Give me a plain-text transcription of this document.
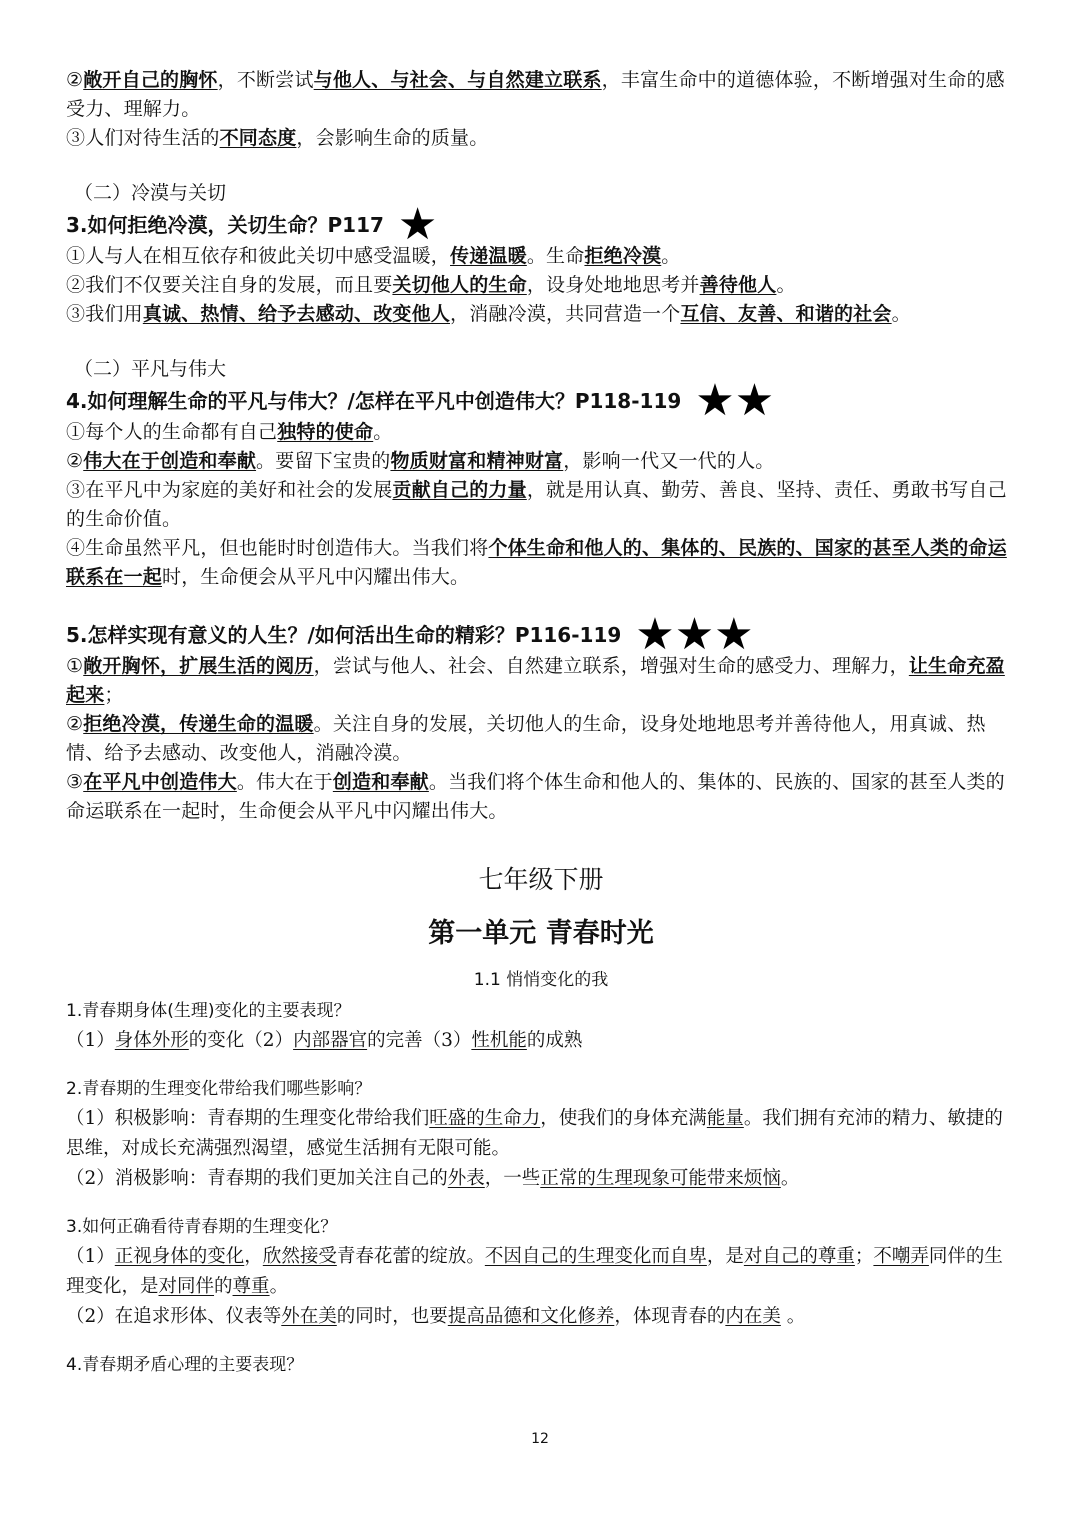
②敞开自己的胸怀，不断尝试与他人、与社会、与自然建立联系，丰富生命中的道德体验，不断增强对生命的感受力、理解力。

③人们对待生活的不同态度，会影响生命的质量。

（二）冷漠与关切

3.如何拒绝冷漠，关切生命？P117 ★

①人与人在相互依存和彼此关切中感受温暖，传递温暖。生命拒绝冷漠。

②我们不仅要关注自身的发展，而且要关切他人的生命，设身处地地思考并善待他人。

③我们用真诚、热情、给予去感动、改变他人，消融冷漠，共同营造一个互信、友善、和谐的社会。

（二）平凡与伟大

4.如何理解生命的平凡与伟大？/怎样在平凡中创造伟大？P118-119 ★★

①每个人的生命都有自己独特的使命。

②伟大在于创造和奉献。要留下宝贵的物质财富和精神财富，影响一代又一代的人。

③在平凡中为家庭的美好和社会的发展贡献自己的力量，就是用认真、勤劳、善良、坚持、责任、勇敢书写自己的生命价值。

④生命虽然平凡，但也能时时创造伟大。当我们将个体生命和他人的、集体的、民族的、国家的甚至人类的命运联系在一起时，生命便会从平凡中闪耀出伟大。

5.怎样实现有意义的人生？/如何活出生命的精彩？P116-119 ★★★

①敞开胸怀，扩展生活的阅历，尝试与他人、社会、自然建立联系，增强对生命的感受力、理解力，让生命充盈起来；

②拒绝冷漠，传递生命的温暖。关注自身的发展，关切他人的生命，设身处地地思考并善待他人，用真诚、热情、给予去感动、改变他人，消融冷漠。

③在平凡中创造伟大。伟大在于创造和奉献。当我们将个体生命和他人的、集体的、民族的、国家的甚至人类的命运联系在一起时，生命便会从平凡中闪耀出伟大。

七年级下册

第一单元 青春时光

1.1 悄悄变化的我

1.青春期身体(生理)变化的主要表现？

（1）身体外形的变化（2）内部器官的完善（3）性机能的成熟

2.青春期的生理变化带给我们哪些影响？

（1）积极影响：青春期的生理变化带给我们旺盛的生命力，使我们的身体充满能量。我们拥有充沛的精力、敏捷的思维，对成长充满强烈渴望，感觉生活拥有无限可能。

（2）消极影响：青春期的我们更加关注自己的外表，一些正常的生理现象可能带来烦恼。

3.如何正确看待青春期的生理变化？

（1）正视身体的变化，欣然接受青春花蕾的绽放。不因自己的生理变化而自卑，是对自己的尊重；不嘲弄同伴的生理变化，是对同伴的尊重。

（2）在追求形体、仪表等外在美的同时，也要提高品德和文化修养，体现青春的内在美 。

4.青春期矛盾心理的主要表现？

12
